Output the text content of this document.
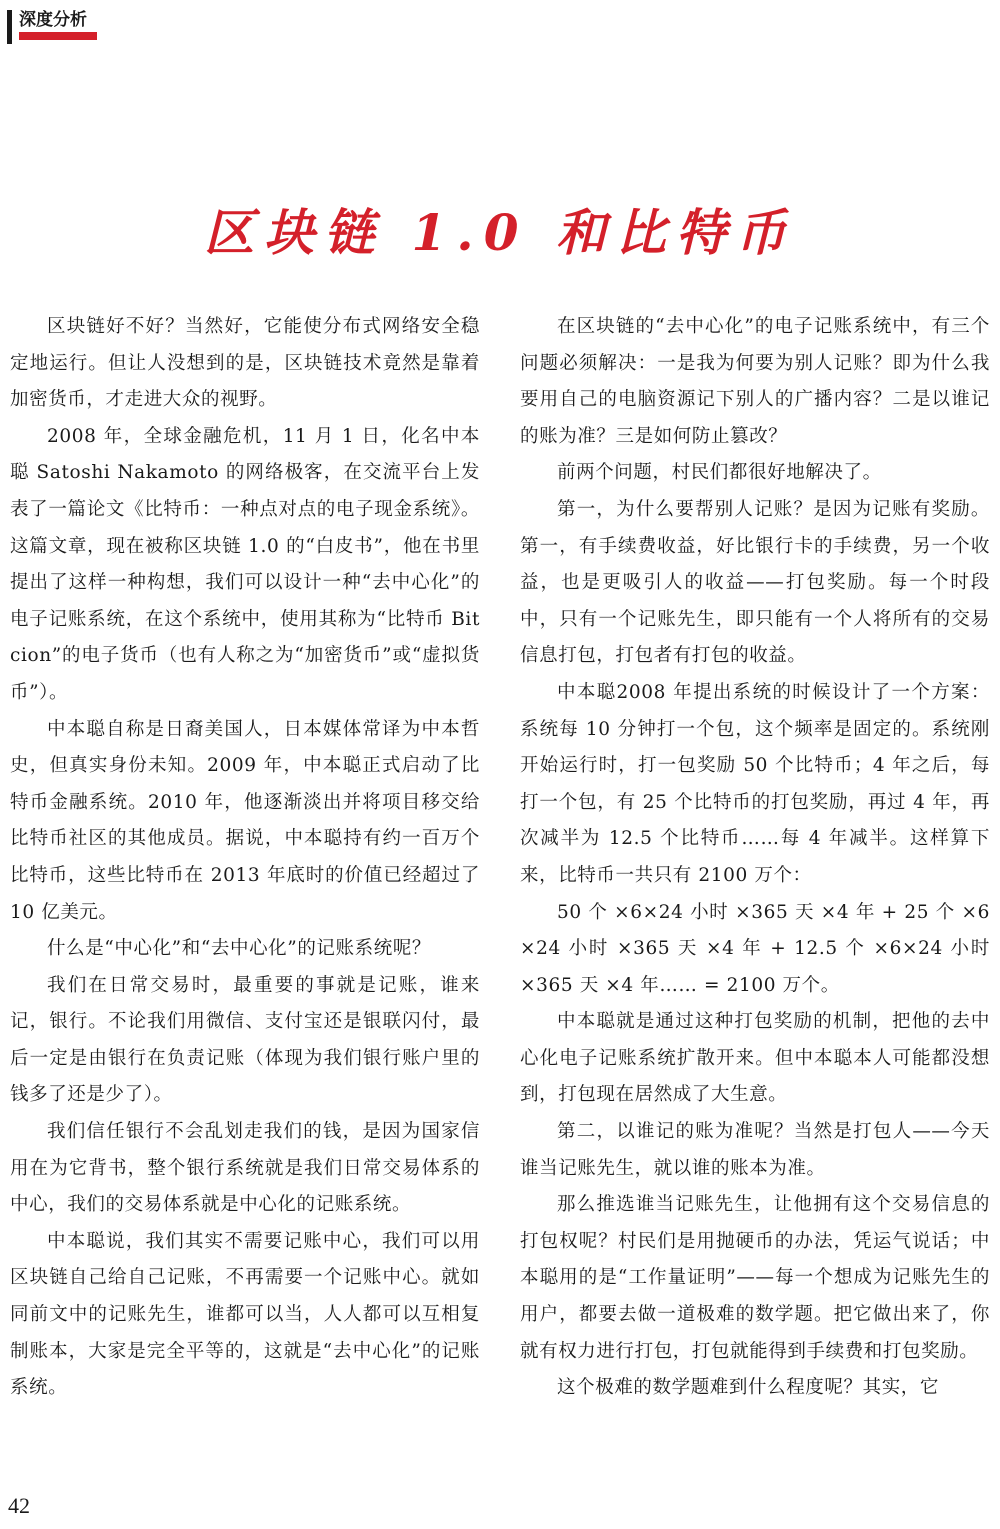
深度分析
区块链 1.0 和比特币

区块链好不好？当然好，它能使分布式网络安全稳定地运行。但让人没想到的是，区块链技术竟然是靠着加密货币，才走进大众的视野。

2008 年，全球金融危机，11 月 1 日，化名中本聪 Satoshi Nakamoto 的网络极客，在交流平台上发表了一篇论文《比特币：一种点对点的电子现金系统》。这篇文章，现在被称区块链 1.0 的“白皮书”，他在书里提出了这样一种构想，我们可以设计一种“去中心化”的电子记账系统，在这个系统中，使用其称为“比特币 Bitcion”的电子货币（也有人称之为“加密货币”或“虚拟货币”）。

中本聪自称是日裔美国人，日本媒体常译为中本哲史，但真实身份未知。2009 年，中本聪正式启动了比特币金融系统。2010 年，他逐渐淡出并将项目移交给比特币社区的其他成员。据说，中本聪持有约一百万个比特币，这些比特币在 2013 年底时的价值已经超过了 10 亿美元。

什么是“中心化”和“去中心化”的记账系统呢？

我们在日常交易时，最重要的事就是记账，谁来记，银行。不论我们用微信、支付宝还是银联闪付，最后一定是由银行在负责记账（体现为我们银行账户里的钱多了还是少了）。

我们信任银行不会乱划走我们的钱，是因为国家信用在为它背书，整个银行系统就是我们日常交易体系的中心，我们的交易体系就是中心化的记账系统。

中本聪说，我们其实不需要记账中心，我们可以用区块链自己给自己记账，不再需要一个记账中心。就如同前文中的记账先生，谁都可以当，人人都可以互相复制账本，大家是完全平等的，这就是“去中心化”的记账系统。

在区块链的“去中心化”的电子记账系统中，有三个问题必须解决：一是我为何要为别人记账？即为什么我要用自己的电脑资源记下别人的广播内容？二是以谁记的账为准？三是如何防止篡改？

前两个问题，村民们都很好地解决了。

第一，为什么要帮别人记账？是因为记账有奖励。第一，有手续费收益，好比银行卡的手续费，另一个收益，也是更吸引人的收益——打包奖励。每一个时段中，只有一个记账先生，即只能有一个人将所有的交易信息打包，打包者有打包的收益。

中本聪2008 年提出系统的时候设计了一个方案：系统每 10 分钟打一个包，这个频率是固定的。系统刚开始运行时，打一包奖励 50 个比特币；4 年之后，每打一个包，有 25 个比特币的打包奖励，再过 4 年，再次减半为 12.5 个比特币……每 4 年减半。这样算下来，比特币一共只有 2100 万个：

50 个 ×6×24 小时 ×365 天 ×4 年 + 25 个 ×6×24 小时 ×365 天 ×4 年 + 12.5 个 ×6×24 小时 ×365 天 ×4 年…… = 2100 万个。

中本聪就是通过这种打包奖励的机制，把他的去中心化电子记账系统扩散开来。但中本聪本人可能都没想到，打包现在居然成了大生意。

第二，以谁记的账为准呢？当然是打包人——今天谁当记账先生，就以谁的账本为准。

那么推选谁当记账先生，让他拥有这个交易信息的打包权呢？村民们是用抛硬币的办法，凭运气说话；中本聪用的是“工作量证明”——每一个想成为记账先生的用户，都要去做一道极难的数学题。把它做出来了，你就有权力进行打包，打包就能得到手续费和打包奖励。

这个极难的数学题难到什么程度呢？其实，它

42
